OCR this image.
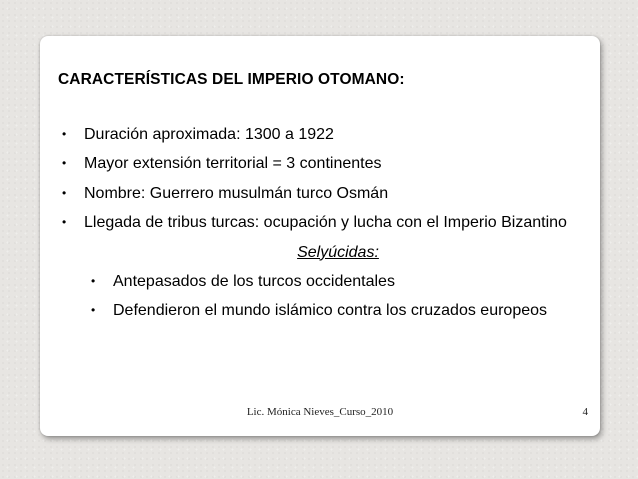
CARACTERÍSTICAS DEL IMPERIO OTOMANO:
• Duración aproximada: 1300 a 1922
• Mayor extensión territorial = 3 continentes
• Nombre: Guerrero musulmán turco Osmán
• Llegada de tribus turcas: ocupación y lucha con el Imperio Bizantino
Selyúcidas:
• Antepasados de los turcos occidentales
• Defendieron el mundo islámico contra los cruzados europeos
Lic. Mónica Nieves_Curso_2010	4
